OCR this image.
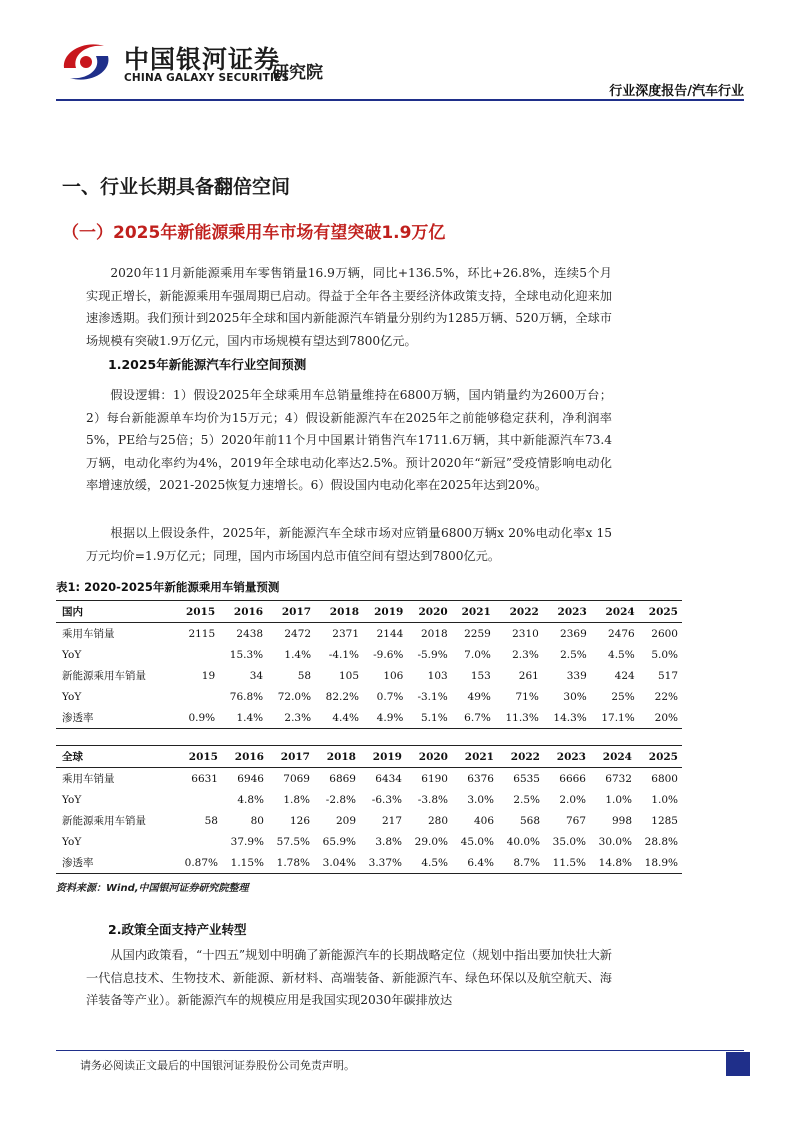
中国银河证券
CHINA GALAXY SECURITIES
研究院
行业深度报告/汽车行业
一、行业长期具备翻倍空间
（一）2025年新能源乘用车市场有望突破1.9万亿
2020年11月新能源乘用车零售销量16.9万辆，同比+136.5%，环比+26.8%，连续5个月实现正增长，新能源乘用车强周期已启动。得益于全年各主要经济体政策支持，全球电动化迎来加速渗透期。我们预计到2025年全球和国内新能源汽车销量分别约为1285万辆、520万辆，全球市场规模有突破1.9万亿元，国内市场规模有望达到7800亿元。
1.2025年新能源汽车行业空间预测
假设逻辑：1）假设2025年全球乘用车总销量维持在6800万辆，国内销量约为2600万台；2）每台新能源单车均价为15万元；4）假设新能源汽车在2025年之前能够稳定获利，净利润率5%，PE给与25倍；5）2020年前11个月中国累计销售汽车1711.6万辆，其中新能源汽车73.4万辆，电动化率约为4%，2019年全球电动化率达2.5%。预计2020年“新冠”受疫情影响电动化率增速放缓，2021-2025恢复力速增长。6）假设国内电动化率在2025年达到20%。
根据以上假设条件，2025年，新能源汽车全球市场对应销量6800万辆x 20%电动化率x 15万元均价=1.9万亿元；同理，国内市场国内总市值空间有望达到7800亿元。
表1: 2020-2025年新能源乘用车销量预测
国内	2015	2016	2017	2018	2019	2020	2021	2022	2023	2024	2025
乘用车销量	2115	2438	2472	2371	2144	2018	2259	2310	2369	2476	2600
YoY		15.3%	1.4%	-4.1%	-9.6%	-5.9%	7.0%	2.3%	2.5%	4.5%	5.0%
新能源乘用车销量	19	34	58	105	106	103	153	261	339	424	517
YoY		76.8%	72.0%	82.2%	0.7%	-3.1%	49%	71%	30%	25%	22%
渗透率	0.9%	1.4%	2.3%	4.4%	4.9%	5.1%	6.7%	11.3%	14.3%	17.1%	20%
全球	2015	2016	2017	2018	2019	2020	2021	2022	2023	2024	2025
乘用车销量	6631	6946	7069	6869	6434	6190	6376	6535	6666	6732	6800
YoY		4.8%	1.8%	-2.8%	-6.3%	-3.8%	3.0%	2.5%	2.0%	1.0%	1.0%
新能源乘用车销量	58	80	126	209	217	280	406	568	767	998	1285
YoY		37.9%	57.5%	65.9%	3.8%	29.0%	45.0%	40.0%	35.0%	30.0%	28.8%
渗透率	0.87%	1.15%	1.78%	3.04%	3.37%	4.5%	6.4%	8.7%	11.5%	14.8%	18.9%
资料来源：Wind,中国银河证券研究院整理
2.政策全面支持产业转型
从国内政策看，“十四五”规划中明确了新能源汽车的长期战略定位（规划中指出要加快壮大新一代信息技术、生物技术、新能源、新材料、高端装备、新能源汽车、绿色环保以及航空航天、海洋装备等产业）。新能源汽车的规模应用是我国实现2030年碳排放达
请务必阅读正文最后的中国银河证券股份公司免责声明。
